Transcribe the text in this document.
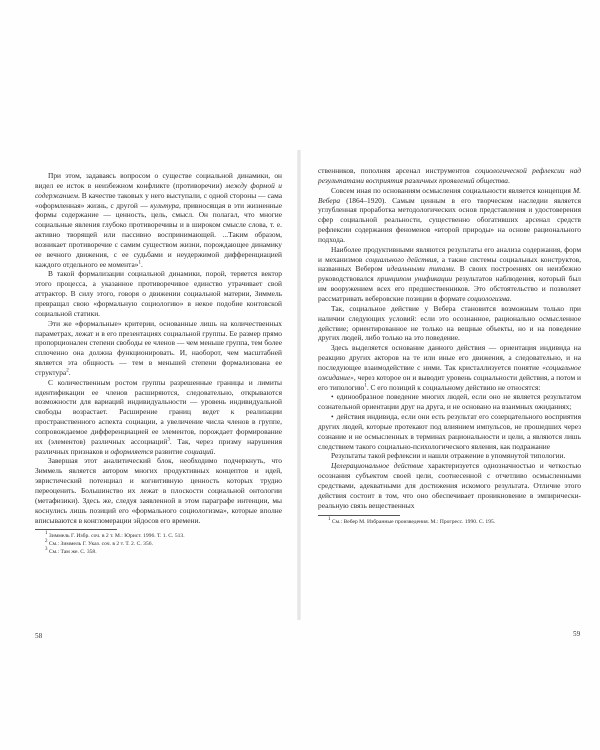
При этом, задаваясь вопросом о существе социальной динамики, он видел ее исток в неизбежном конфликте (противоречии) между формой и содержанием. В качестве таковых у него выступали, с одной стороны — сама «оформленная» жизнь, с другой — культура, привносящая в эти жизненные формы содержание — ценность, цель, смысл. Он полагал, что многие социальные явления глубоко противоречивы и в широком смысле слова, т. е. активно творящей или пассивно воспринимающей. ...Таким образом, возникает противоречие с самим существом жизни, порождающее динамику ее вечного движения, с ее судьбами и неудержимой дифференциацией каждого отдельного ее момента»$^1$.

В такой формализации социальной динамики, порой, теряется вектор этого процесса, а указанное противоречивое единство утрачивает свой аттрактор. В силу этого, говоря о движении социальной материи, Зиммель превращал свою «формальную социологию» в некое подобие контовской социальной статики.

Эти же «формальные» критерии, основанные лишь на количественных параметрах, лежат и в его презентациях социальной группы. Ее размер прямо пропорционален степени свободы ее членов — чем меньше группа, тем более сплоченно она должна функционировать. И, наоборот, чем масштабней является эта общность — тем в меньшей степени формализована ее структура$^2$.

С количественным ростом группы разрешенные границы и лимиты идентификации ее членов расширяются, следовательно, открываются возможности для вариаций индивидуальности — уровень индивидуальной свободы возрастает. Расширение границ ведет к реализации пространственного аспекта социации, а увеличение числа членов в группе, сопровождаемое дифференциацией ее элементов, порождает формирование их (элементов) различных ассоциаций$^3$. Так, через призму нарушения различных признаков и оформляется развитие социаций.

Завершая этот аналитический блок, необходимо подчеркнуть, что Зиммель является автором многих продуктивных концептов и идей, эвристический потенциал и когнитивную ценность которых трудно переоценить. Большинство их лежат в плоскости социальной онтологии (метафизики). Здесь же, следуя заявленной в этом параграфе интенции, мы коснулись лишь позиций его «формального социологизма», которые вполне вписываются в конгломерации эйдосов его времени.

$^1$ Зиммель Г. Избр. соч. в 2 т. М.: Юрист. 1996. Т. 1. С. 513.

$^2$ См.: Зиммель Г. Указ. соч. в 2 т. Т. 2. С. 356.

$^3$ См.: Там же. С. 358.

58

ственников, пополняя арсенал инструментов социологической рефлексии над результатами восприятия различных проявлений общества.

Совсем иная по основаниям осмысления социальности является концепция М. Вебера (1864–1920). Самым ценным в его творческом наследии является углубленная проработка методологических основ представления и удостоверения сфер социальной реальности, существенно обогативших арсенал средств рефлексии содержания феноменов «второй природы» на основе рационального подхода.

Наиболее продуктивными являются результаты его анализа содержания, форм и механизмов социального действия, а также системы социальных конструктов, названных Вебером идеальными типами. В своих построениях он неизбежно руководствовался принципом унификации результатов наблюдения, который был им вооружением всех его предшественников. Это обстоятельство и позволяет рассматривать веберовские позиции в формате социологизма.

Так, социальное действие у Вебера становится возможным только при наличии следующих условий: если это осознанное, рационально осмысленное действие; ориентированное не только на вещные объекты, но и на поведение других людей, либо только на это поведение.

Здесь выделяется основание данного действия — ориентация индивида на реакцию других акторов на те или иные его движения, а следовательно, и на последующее взаимодействие с ними. Так кристаллизуется понятие «социальное ожидание», через которое он и выводит уровень социальности действия, а потом и его типологию$^1$. С его позиций к социальному действию не относятся:

• единообразное поведение многих людей, если оно не является результатом сознательной ориентации друг на друга, и не основано на взаимных ожиданиях;
• действия индивида, если они есть результат его созерцательного восприятия других людей, которые протекают под влиянием импульсов, не прошедших через сознание и не осмысленных в терминах рациональности и цели, а являются лишь следствием такого социально-психологического явления, как подражание

Результаты такой рефлексии и нашли отражение в упомянутой типологии.

Целерациональное действие характеризуется однозначностью и четкостью осознания субъектом своей цели, соотнесенной с отчетливо осмысленными средствами, адекватными для достижения искомого результата. Отличие этого действия состоит в том, что оно обеспечивает проникновение в эмпирически-реальную связь вещественных

$^1$ См.: Вебер М. Избранные произведения. М.: Прогресс. 1990. С. 195.

59
